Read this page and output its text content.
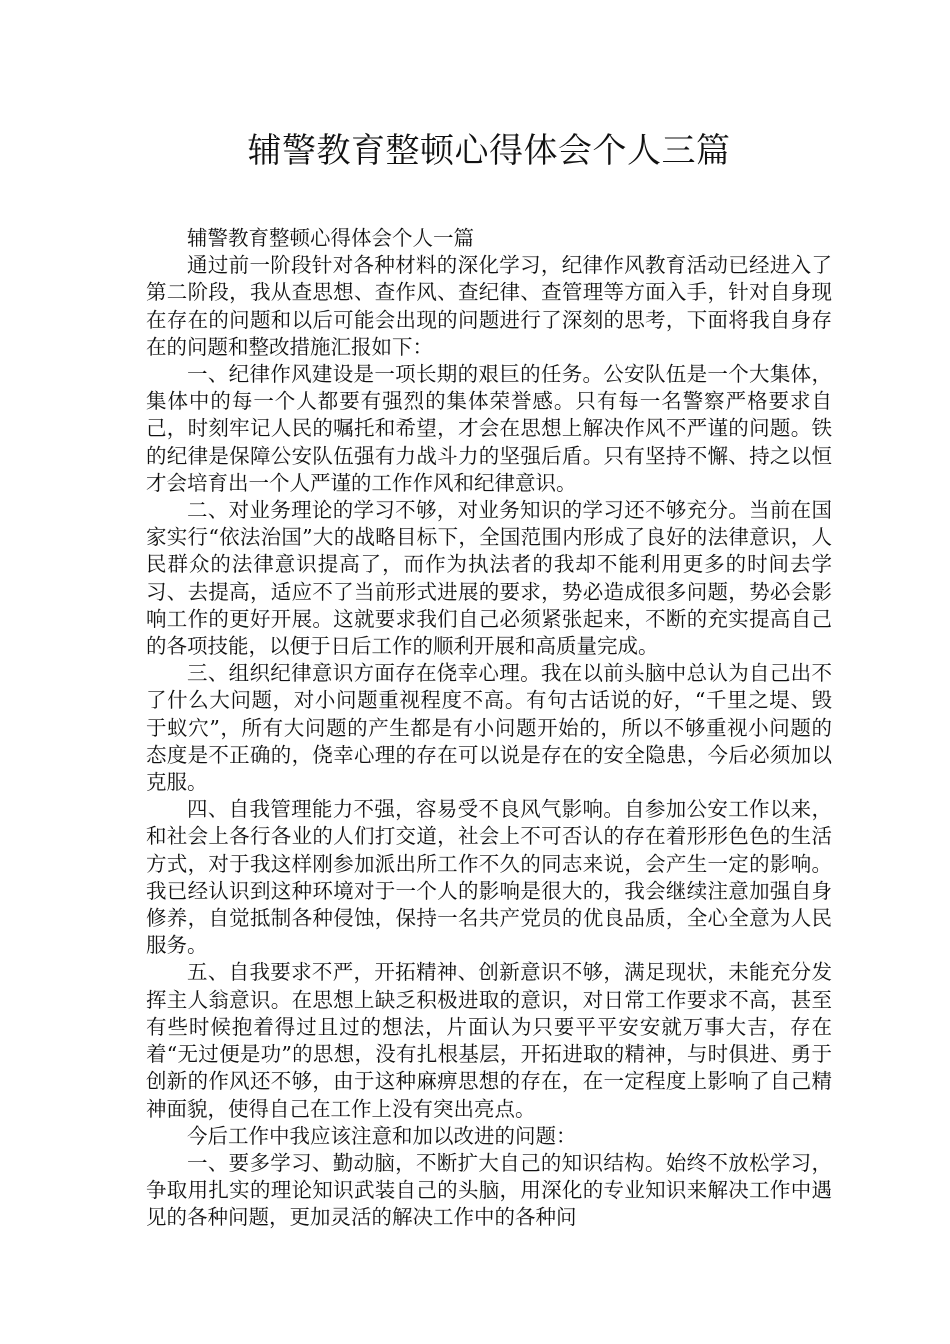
辅警教育整顿心得体会个人三篇

辅警教育整顿心得体会个人一篇

通过前一阶段针对各种材料的深化学习，纪律作风教育活动已经进入了第二阶段，我从查思想、查作风、查纪律、查管理等方面入手，针对自身现在存在的问题和以后可能会出现的问题进行了深刻的思考，下面将我自身存在的问题和整改措施汇报如下：

一、纪律作风建设是一项长期的艰巨的任务。公安队伍是一个大集体，集体中的每一个人都要有强烈的集体荣誉感。只有每一名警察严格要求自己，时刻牢记人民的嘱托和希望，才会在思想上解决作风不严谨的问题。铁的纪律是保障公安队伍强有力战斗力的坚强后盾。只有坚持不懈、持之以恒才会培育出一个人严谨的工作作风和纪律意识。

二、对业务理论的学习不够，对业务知识的学习还不够充分。当前在国家实行“依法治国”大的战略目标下，全国范围内形成了良好的法律意识，人民群众的法律意识提高了，而作为执法者的我却不能利用更多的时间去学习、去提高，适应不了当前形式进展的要求，势必造成很多问题，势必会影响工作的更好开展。这就要求我们自己必须紧张起来，不断的充实提高自己的各项技能，以便于日后工作的顺利开展和高质量完成。

三、组织纪律意识方面存在侥幸心理。我在以前头脑中总认为自己出不了什么大问题，对小问题重视程度不高。有句古话说的好，“千里之堤、毁于蚁穴”，所有大问题的产生都是有小问题开始的，所以不够重视小问题的态度是不正确的，侥幸心理的存在可以说是存在的安全隐患，今后必须加以克服。

四、自我管理能力不强，容易受不良风气影响。自参加公安工作以来，和社会上各行各业的人们打交道，社会上不可否认的存在着形形色色的生活方式，对于我这样刚参加派出所工作不久的同志来说，会产生一定的影响。我已经认识到这种环境对于一个人的影响是很大的，我会继续注意加强自身修养，自觉抵制各种侵蚀，保持一名共产党员的优良品质，全心全意为人民服务。

五、自我要求不严，开拓精神、创新意识不够，满足现状，未能充分发挥主人翁意识。在思想上缺乏积极进取的意识，对日常工作要求不高，甚至有些时候抱着得过且过的想法，片面认为只要平平安安就万事大吉，存在着“无过便是功”的思想，没有扎根基层，开拓进取的精神，与时俱进、勇于创新的作风还不够，由于这种麻痹思想的存在，在一定程度上影响了自己精神面貌，使得自己在工作上没有突出亮点。

今后工作中我应该注意和加以改进的问题：

一、要多学习、勤动脑，不断扩大自己的知识结构。始终不放松学习，争取用扎实的理论知识武装自己的头脑，用深化的专业知识来解决工作中遇见的各种问题，更加灵活的解决工作中的各种问
